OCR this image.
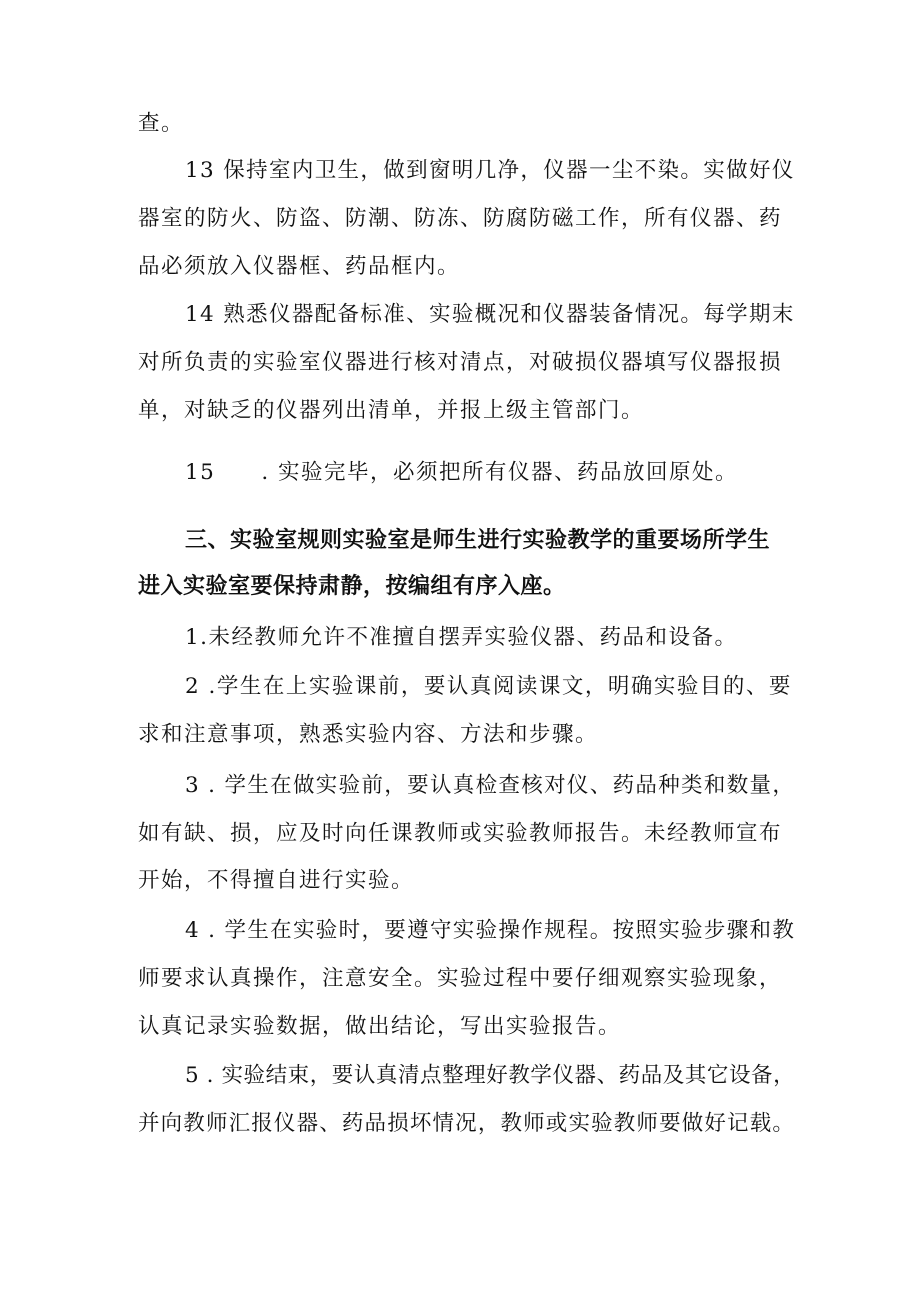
查。
13 保持室内卫生，做到窗明几净，仪器一尘不染。实做好仪
器室的防火、防盗、防潮、防冻、防腐防磁工作，所有仪器、药
品必须放入仪器框、药品框内。
14 熟悉仪器配备标准、实验概况和仪器装备情况。每学期末
对所负责的实验室仪器进行核对清点，对破损仪器填写仪器报损
单，对缺乏的仪器列出清单，并报上级主管部门。
15　　. 实验完毕，必须把所有仪器、药品放回原处。
三、实验室规则实验室是师生进行实验教学的重要场所学生
进入实验室要保持肃静，按编组有序入座。
1.未经教师允许不准擅自摆弄实验仪器、药品和设备。
2 .学生在上实验课前，要认真阅读课文，明确实验目的、要
求和注意事项，熟悉实验内容、方法和步骤。
3 . 学生在做实验前，要认真检查核对仪、药品种类和数量，
如有缺、损，应及时向任课教师或实验教师报告。未经教师宣布
开始，不得擅自进行实验。
4 . 学生在实验时，要遵守实验操作规程。按照实验步骤和教
师要求认真操作，注意安全。实验过程中要仔细观察实验现象，
认真记录实验数据，做出结论，写出实验报告。
5 . 实验结束，要认真清点整理好教学仪器、药品及其它设备，
并向教师汇报仪器、药品损坏情况，教师或实验教师要做好记载。
